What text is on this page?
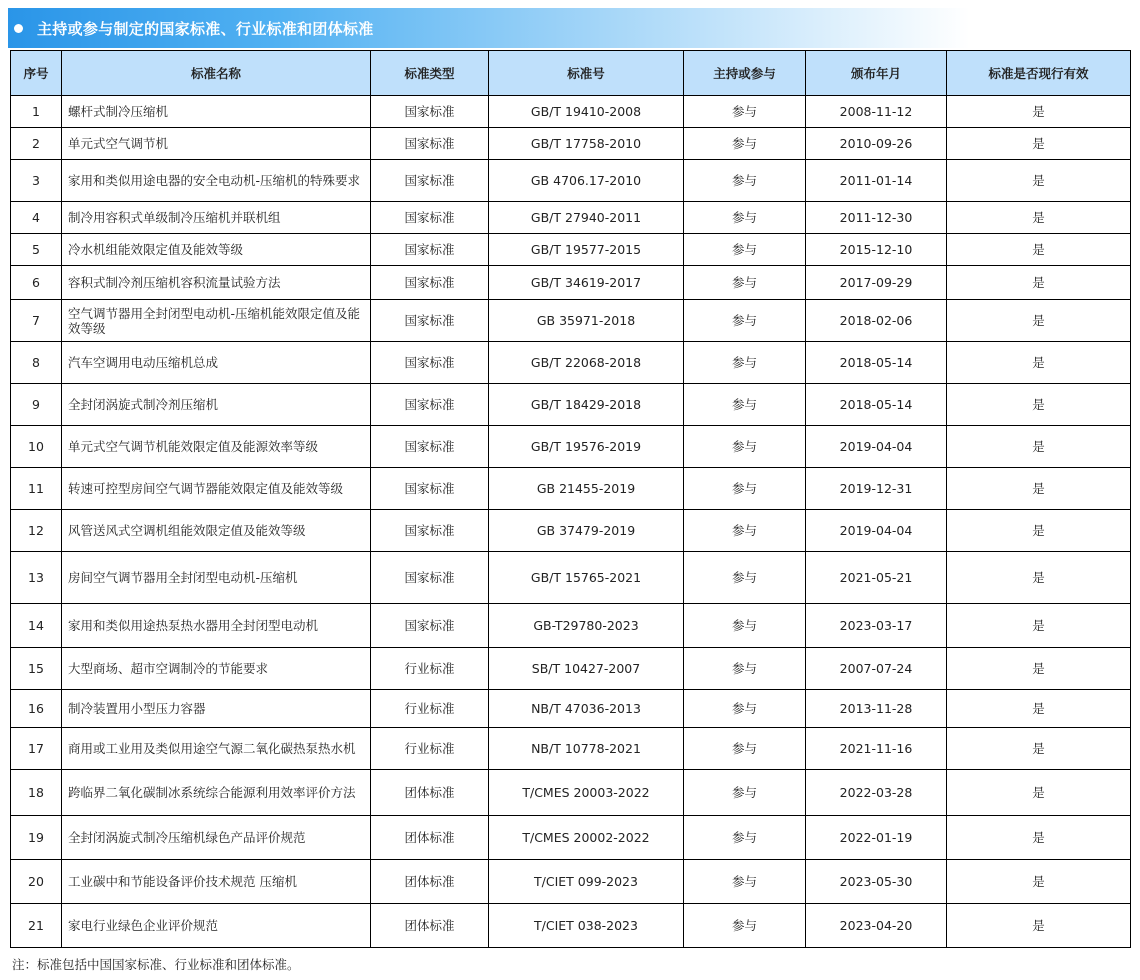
主持或参与制定的国家标准、行业标准和团体标准
序号	标准名称	标准类型	标准号	主持或参与	颁布年月	标准是否现行有效
1	螺杆式制冷压缩机	国家标准	GB/T 19410-2008	参与	2008-11-12	是
2	单元式空气调节机	国家标准	GB/T 17758-2010	参与	2010-09-26	是
3	家用和类似用途电器的安全电动机-压缩机的特殊要求	国家标准	GB 4706.17-2010	参与	2011-01-14	是
4	制冷用容积式单级制冷压缩机并联机组	国家标准	GB/T 27940-2011	参与	2011-12-30	是
5	冷水机组能效限定值及能效等级	国家标准	GB/T 19577-2015	参与	2015-12-10	是
6	容积式制冷剂压缩机容积流量试验方法	国家标准	GB/T 34619-2017	参与	2017-09-29	是
7	空气调节器用全封闭型电动机-压缩机能效限定值及能效等级	国家标准	GB 35971-2018	参与	2018-02-06	是
8	汽车空调用电动压缩机总成	国家标准	GB/T 22068-2018	参与	2018-05-14	是
9	全封闭涡旋式制冷剂压缩机	国家标准	GB/T 18429-2018	参与	2018-05-14	是
10	单元式空气调节机能效限定值及能源效率等级	国家标准	GB/T 19576-2019	参与	2019-04-04	是
11	转速可控型房间空气调节器能效限定值及能效等级	国家标准	GB 21455-2019	参与	2019-12-31	是
12	风管送风式空调机组能效限定值及能效等级	国家标准	GB 37479-2019	参与	2019-04-04	是
13	房间空气调节器用全封闭型电动机-压缩机	国家标准	GB/T 15765-2021	参与	2021-05-21	是
14	家用和类似用途热泵热水器用全封闭型电动机	国家标准	GB-T29780-2023	参与	2023-03-17	是
15	大型商场、超市空调制冷的节能要求	行业标准	SB/T 10427-2007	参与	2007-07-24	是
16	制冷装置用小型压力容器	行业标准	NB/T 47036-2013	参与	2013-11-28	是
17	商用或工业用及类似用途空气源二氧化碳热泵热水机	行业标准	NB/T 10778-2021	参与	2021-11-16	是
18	跨临界二氧化碳制冰系统综合能源利用效率评价方法	团体标准	T/CMES 20003-2022	参与	2022-03-28	是
19	全封闭涡旋式制冷压缩机绿色产品评价规范	团体标准	T/CMES 20002-2022	参与	2022-01-19	是
20	工业碳中和节能设备评价技术规范 压缩机	团体标准	T/CIET 099-2023	参与	2023-05-30	是
21	家电行业绿色企业评价规范	团体标准	T/CIET 038-2023	参与	2023-04-20	是
注：标准包括中国国家标准、行业标准和团体标准。
